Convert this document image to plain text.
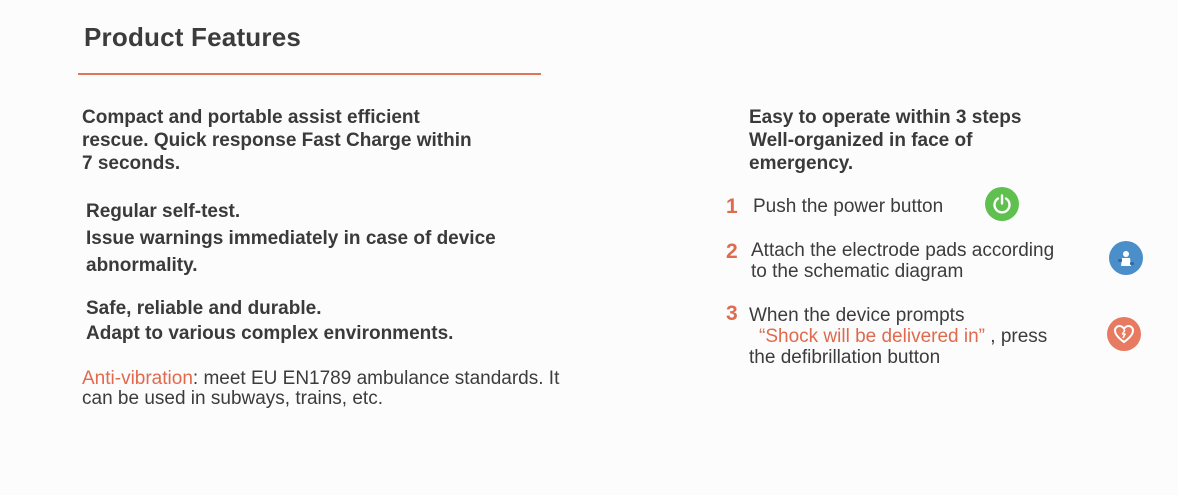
Product Features
Compact and portable assist efficient
rescue. Quick response Fast Charge within
7 seconds.
Regular self-test.
Issue warnings immediately in case of device
abnormality.
Safe, reliable and durable.
Adapt to various complex environments.
Anti-vibration: meet EU EN1789 ambulance standards. It
can be used in subways, trains, etc.
Easy to operate within 3 steps
Well-organized in face of
emergency.
1 Push the power button
2 Attach the electrode pads according
to the schematic diagram
3 When the device prompts
“Shock will be delivered in” , press
the defibrillation button
